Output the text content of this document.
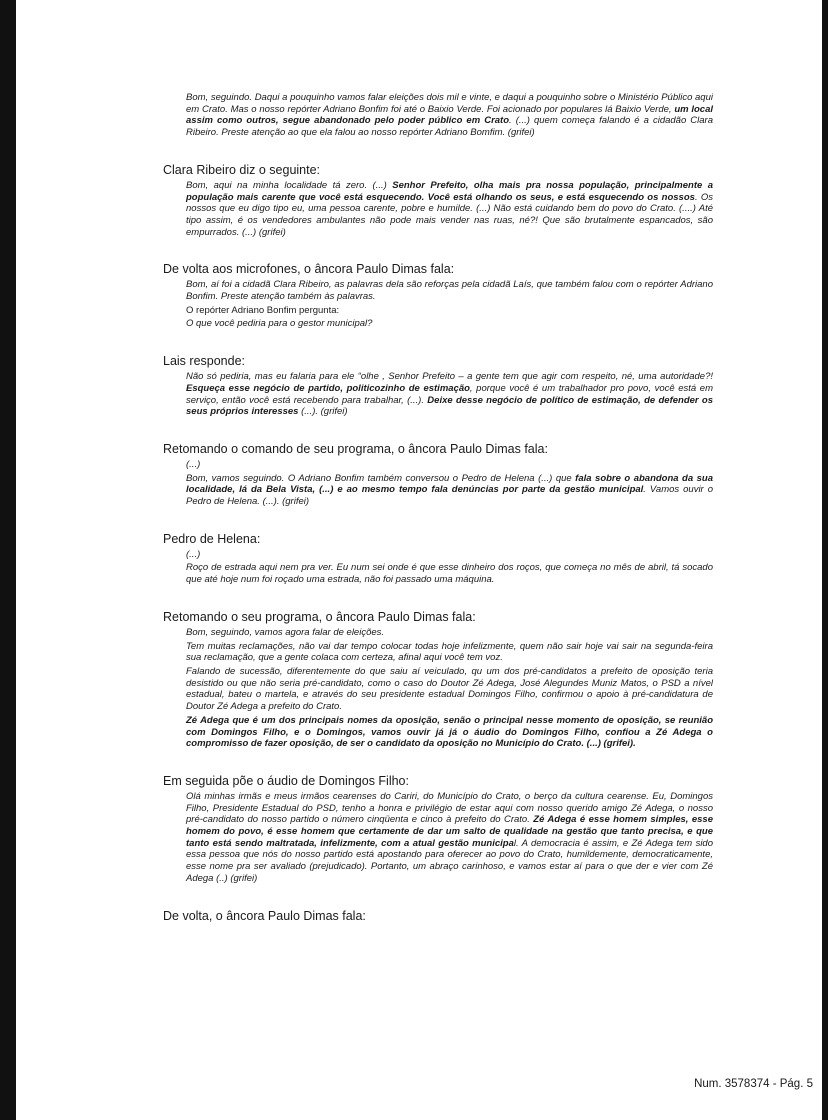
Bom, seguindo. Daqui a pouquinho vamos falar eleições dois mil e vinte, e daqui a pouquinho sobre o Ministério Público aqui em Crato. Mas o nosso repórter Adriano Bonfim foi até o Baixio Verde. Foi acionado por populares lá Baixio Verde, um local assim como outros, segue abandonado pelo poder público em Crato. (...) quem começa falando é a cidadão Clara Ribeiro. Preste atenção ao que ela falou ao nosso repórter Adriano Bomfim. (grifei)

Clara Ribeiro diz o seguinte:

Bom, aqui na minha localidade tá zero. (...) Senhor Prefeito, olha mais pra nossa população, principalmente a população mais carente que você está esquecendo. Você está olhando os seus, e está esquecendo os nossos. Os nossos que eu digo tipo eu, uma pessoa carente, pobre e humilde. (...) Não está cuidando bem do povo do Crato. (....) Até tipo assim, é os vendedores ambulantes não pode mais vender nas ruas, né?! Que são brutalmente espancados, são empurrados. (...) (grifei)

De volta aos microfones, o âncora Paulo Dimas fala:

Bom, aí foi a cidadã Clara Ribeiro, as palavras dela são reforças pela cidadã Laís, que também falou com o repórter Adriano Bonfim. Preste atenção também às palavras.

O repórter Adriano Bonfim pergunta:

O que você pediria para o gestor municipal?

Lais responde:

Não só pediria, mas eu falaria para ele “olhe , Senhor Prefeito – a gente tem que agir com respeito, né, uma autoridade?! Esqueça esse negócio de partido, politicozinho de estimação, porque você é um trabalhador pro povo, você está em serviço, então você está recebendo para trabalhar, (...). Deixe desse negócio de político de estimação, de defender os seus próprios interesses (...). (grifei)

Retomando o comando de seu programa, o âncora Paulo Dimas fala:

(...)

Bom, vamos seguindo. O Adriano Bonfim também conversou o Pedro de Helena (...) que fala sobre o abandona da sua localidade, lá da Bela Vista, (...) e ao mesmo tempo fala denúncias por parte da gestão municipal. Vamos ouvir o Pedro de Helena. (...). (grifei)

Pedro de Helena:

(...)

Roço de estrada aqui nem pra ver. Eu num sei onde é que esse dinheiro dos roços, que começa no mês de abril, tá socado que até hoje num foi roçado uma estrada, não foi passado uma máquina.

Retomando o seu programa, o âncora Paulo Dimas fala:

Bom, seguindo, vamos agora falar de eleições.

Tem muitas reclamações, não vai dar tempo colocar todas hoje infelizmente, quem não sair hoje vai sair na segunda-feira sua reclamação, que a gente colaca com certeza, afinal aqui você tem voz.

Falando de sucessão, diferentemente do que saiu aí veiculado, qu um dos pré-candidatos a prefeito de oposição teria desistido ou que não seria pré-candidato, como o caso do Doutor Zé Adega, José Alegundes Muniz Matos, o PSD a nível estadual, bateu o martela, e através do seu presidente estadual Domingos Filho, confirmou o apoio à pré-candidatura de Doutor Zé Adega a prefeito do Crato.

Zé Adega que é um dos principais nomes da oposição, senão o principal nesse momento de oposição, se reunião com Domingos Filho, e o Domingos, vamos ouvir já já o áudio do Domingos Filho, confiou a Zé Adega o compromisso de fazer oposição, de ser o candidato da oposição no Município do Crato. (...) (grifei).

Em seguida põe o áudio de Domingos Filho:

Olá minhas irmãs e meus irmãos cearenses do Cariri, do Município do Crato, o berço da cultura cearense. Eu, Domingos Filho, Presidente Estadual do PSD, tenho a honra e privilégio de estar aqui com nosso querido amigo Zé Adega, o nosso pré-candidato do nosso partido o número cinqüenta e cinco à prefeito do Crato. Zé Adega é esse homem simples, esse homem do povo, é esse homem que certamente de dar um salto de qualidade na gestão que tanto precisa, e que tanto está sendo maltratada, infelizmente, com a atual gestão municipal. A democracia é assim, e Zé Adega tem sido essa pessoa que nós do nosso partido está apostando para oferecer ao povo do Crato, humildemente, democraticamente, esse nome pra ser avaliado (prejudicado). Portanto, um abraço carinhoso, e vamos estar aí para o que der e vier com Zé Adega (..) (grifei)

De volta, o âncora Paulo Dimas fala:

Num. 3578374 - Pág. 5
